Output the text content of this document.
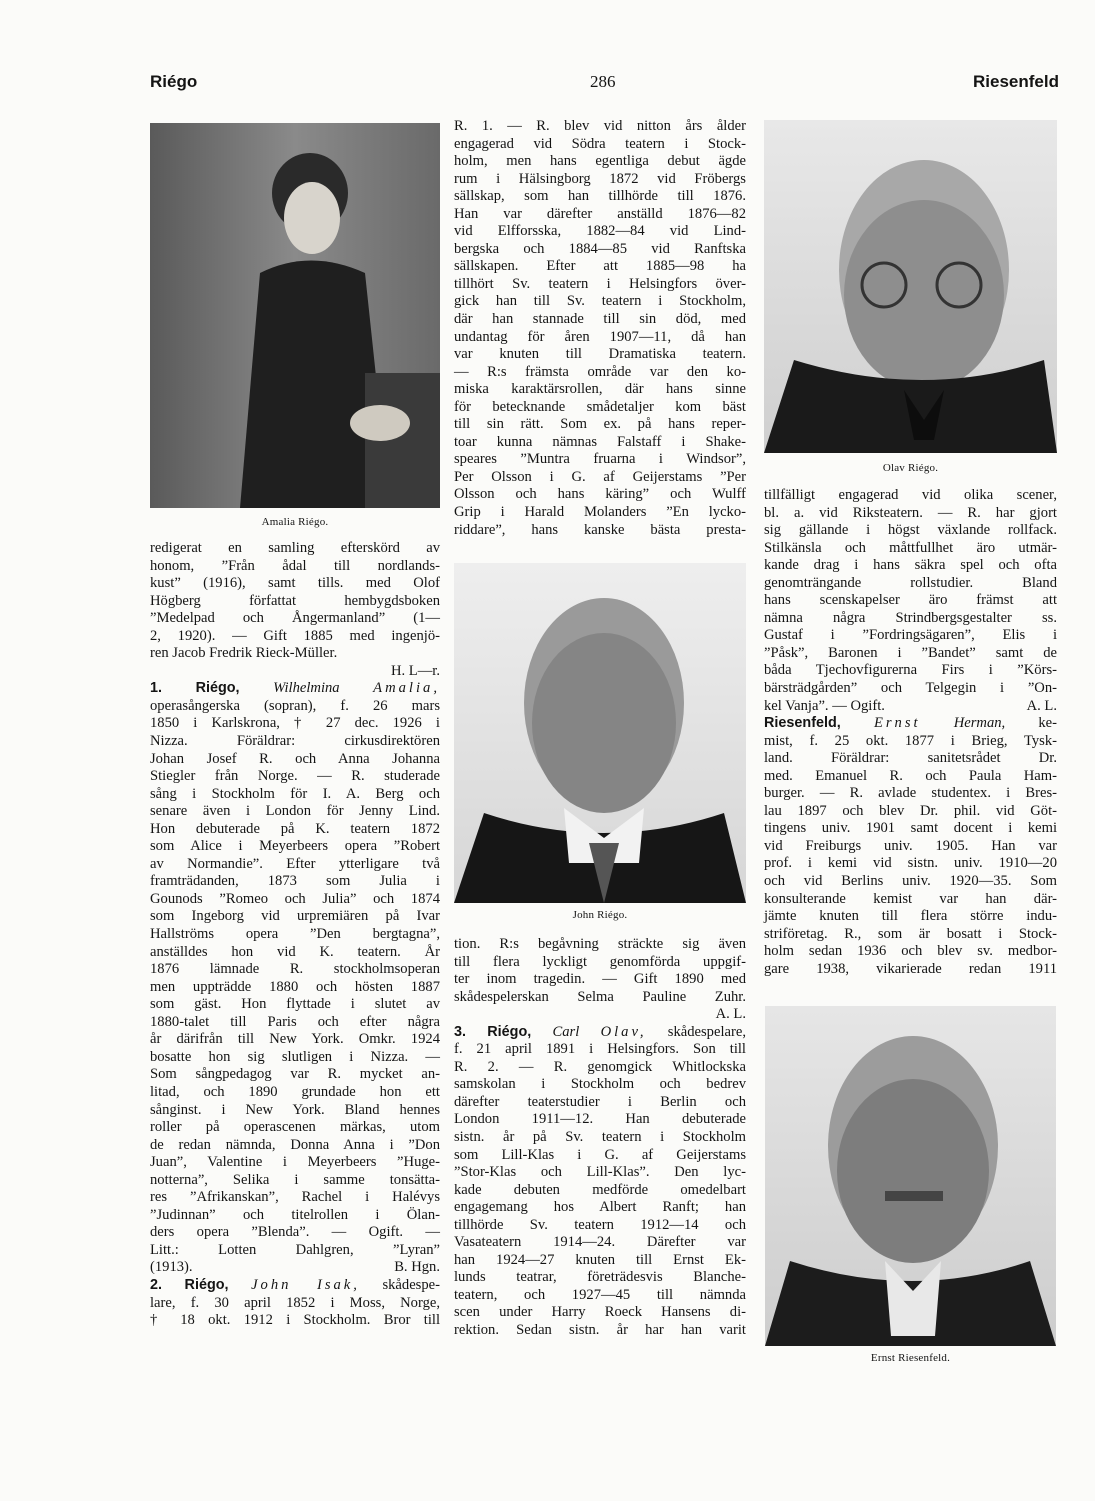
Riégo	286	Riesenfeld
Amalia Riégo.
Olav Riégo.
John Riégo.
Ernst Riesenfeld.
redigerat en samling efterskörd av
honom, ”Från ådal till nordlands-
kust” (1916), samt tills. med Olof
Högberg författat hembygdsboken
”Medelpad och Ångermanland” (1—
2, 1920). — Gift 1885 med ingenjö-
ren Jacob Fredrik Rieck-Müller.
H. L—r.
1. Riégo, Wilhelmina Amalia,
operasångerska (sopran), f. 26 mars
1850 i Karlskrona, † 27 dec. 1926 i
Nizza. Föräldrar: cirkusdirektören
Johan Josef R. och Anna Johanna
Stiegler från Norge. — R. studerade
sång i Stockholm för I. A. Berg och
senare även i London för Jenny Lind.
Hon debuterade på K. teatern 1872
som Alice i Meyerbeers opera ”Robert
av Normandie”. Efter ytterligare två
framträdanden, 1873 som Julia i
Gounods ”Romeo och Julia” och 1874
som Ingeborg vid urpremiären på Ivar
Hallströms opera ”Den bergtagna”,
anställdes hon vid K. teatern. År
1876 lämnade R. stockholmsoperan
men uppträdde 1880 och hösten 1887
som gäst. Hon flyttade i slutet av
1880-talet till Paris och efter några
år därifrån till New York. Omkr. 1924
bosatte hon sig slutligen i Nizza. —
Som sångpedagog var R. mycket an-
litad, och 1890 grundade hon ett
sånginst. i New York. Bland hennes
roller på operascenen märkas, utom
de redan nämnda, Donna Anna i ”Don
Juan”, Valentine i Meyerbeers ”Huge-
notterna”, Selika i samme tonsätta-
res ”Afrikanskan”, Rachel i Halévys
”Judinnan” och titelrollen i Ölan-
ders opera ”Blenda”. — Ogift. —
Litt.: Lotten Dahlgren, ”Lyran”
(1913).	B. Hgn.
2. Riégo, John Isak, skådespe-
lare, f. 30 april 1852 i Moss, Norge,
† 18 okt. 1912 i Stockholm. Bror till
R. 1. — R. blev vid nitton års ålder
engagerad vid Södra teatern i Stock-
holm, men hans egentliga debut ägde
rum i Hälsingborg 1872 vid Fröbergs
sällskap, som han tillhörde till 1876.
Han var därefter anställd 1876—82
vid Elfforsska, 1882—84 vid Lind-
bergska och 1884—85 vid Ranftska
sällskapen. Efter att 1885—98 ha
tillhört Sv. teatern i Helsingfors över-
gick han till Sv. teatern i Stockholm,
där han stannade till sin död, med
undantag för åren 1907—11, då han
var knuten till Dramatiska teatern.
— R:s främsta område var den ko-
miska karaktärsrollen, där hans sinne
för betecknande smådetaljer kom bäst
till sin rätt. Som ex. på hans reper-
toar kunna nämnas Falstaff i Shake-
speares ”Muntra fruarna i Windsor”,
Per Olsson i G. af Geijerstams ”Per
Olsson och hans käring” och Wulff
Grip i Harald Molanders ”En lycko-
riddare”, hans kanske bästa presta-
tion. R:s begåvning sträckte sig även
till flera lyckligt genomförda uppgif-
ter inom tragedin. — Gift 1890 med
skådespelerskan Selma Pauline Zuhr.
A. L.
3. Riégo, Carl Olav, skådespelare,
f. 21 april 1891 i Helsingfors. Son till
R. 2. — R. genomgick Whitlockska
samskolan i Stockholm och bedrev
därefter teaterstudier i Berlin och
London 1911—12. Han debuterade
sistn. år på Sv. teatern i Stockholm
som Lill-Klas i G. af Geijerstams
”Stor-Klas och Lill-Klas”. Den lyc-
kade debuten medförde omedelbart
engagemang hos Albert Ranft; han
tillhörde Sv. teatern 1912—14 och
Vasateatern 1914—24. Därefter var
han 1924—27 knuten till Ernst Ek-
lunds teatrar, företrädesvis Blanche-
teatern, och 1927—45 till nämnda
scen under Harry Roeck Hansens di-
rektion. Sedan sistn. år har han varit
tillfälligt engagerad vid olika scener,
bl. a. vid Riksteatern. — R. har gjort
sig gällande i högst växlande rollfack.
Stilkänsla och måttfullhet äro utmär-
kande drag i hans säkra spel och ofta
genomträngande rollstudier. Bland
hans scenskapelser äro främst att
nämna några Strindbergsgestalter ss.
Gustaf i ”Fordringsägaren”, Elis i
”Påsk”, Baronen i ”Bandet” samt de
båda Tjechovfigurerna Firs i ”Körs-
bärsträdgården” och Telgegin i ”On-
kel Vanja”. — Ogift.	A. L.
Riesenfeld, Ernst Herman, ke-
mist, f. 25 okt. 1877 i Brieg, Tysk-
land. Föräldrar: sanitetsrådet Dr.
med. Emanuel R. och Paula Ham-
burger. — R. avlade studentex. i Bres-
lau 1897 och blev Dr. phil. vid Göt-
tingens univ. 1901 samt docent i kemi
vid Freiburgs univ. 1905. Han var
prof. i kemi vid sistn. univ. 1910—20
och vid Berlins univ. 1920—35. Som
konsulterande kemist var han där-
jämte knuten till flera större indu-
striföretag. R., som är bosatt i Stock-
holm sedan 1936 och blev sv. medbor-
gare 1938, vikarierade redan 1911
